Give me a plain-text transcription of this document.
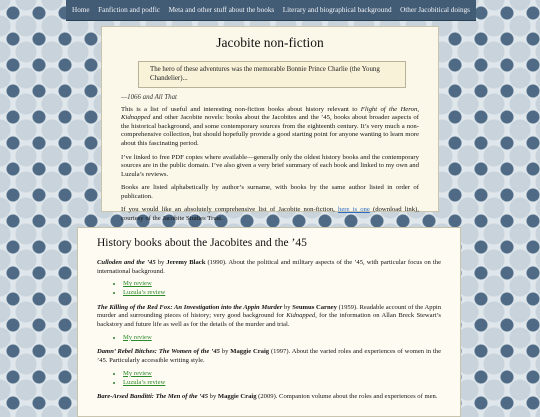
Home Fanfiction and podfic Meta and other stuff about the books Literary and biographical background Other Jacobitical doings
Jacobite non-fiction
The hero of these adventures was the memorable Bonnie Prince Charlie (the Young Chandelier)...
—1066 and All That

This is a list of useful and interesting non-fiction books about history relevant to Flight of the Heron, Kidnapped and other Jacobite novels: books about the Jacobites and the ’45, books about broader aspects of the historical background, and some contemporary sources from the eighteenth century. It’s very much a non-comprehensive collection, but should hopefully provide a good starting point for anyone wanting to learn more about this fascinating period.

I’ve linked to free PDF copies where available—generally only the oldest history books and the contemporary sources are in the public domain. I’ve also given a very brief summary of each book and linked to my own and Luzula’s reviews.

Books are listed alphabetically by author’s surname, with books by the same author listed in order of publication.

If you would like an absolutely comprehensive list of Jacobite non-fiction, here is one (download link), courtesy of the Jacobite Studies Trust.

History books about the Jacobites and the ’45

Culloden and the ’45 by Jeremy Black (1990). About the political and military aspects of the ’45, with particular focus on the international background.

• My review
• Luzula’s review

The Killing of the Red Fox: An Investigation into the Appin Murder by Seumus Carney (1959). Readable account of the Appin murder and surrounding pieces of history; very good background for Kidnapped, for the information on Allan Breck Stewart’s backstory and future life as well as for the details of the murder and trial.

• My review

Damn’ Rebel Bitches: The Women of the ’45 by Maggie Craig (1997). About the varied roles and experiences of women in the ’45. Particularly accessible writing style.

• My review
• Luzula’s review

Bare-Arsed Banditti: The Men of the ’45 by Maggie Craig (2009). Companion volume about the roles and experiences of men.
